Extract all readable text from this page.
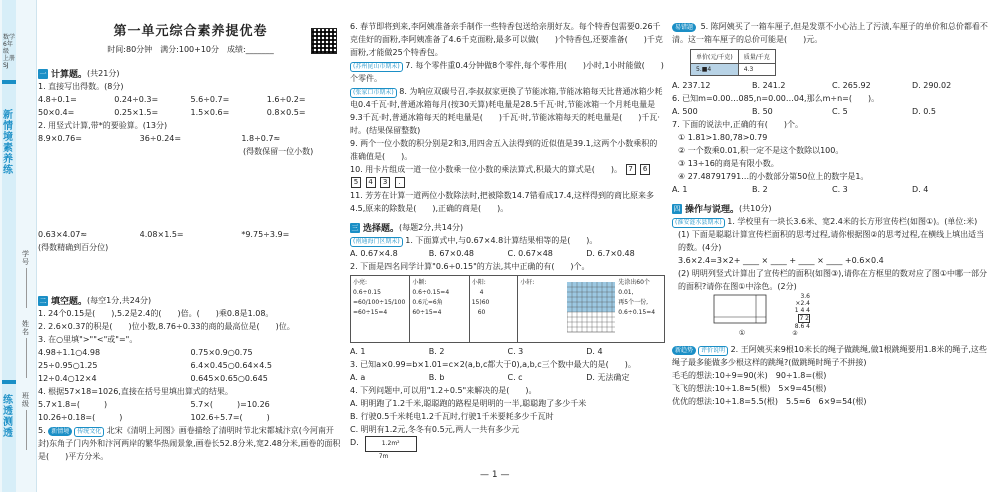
数学6年级 上册 SJ
新情境素养练
练透测透
学号
姓名
班级
第一单元综合素养提优卷
时间:80分钟　满分:100+10分　成绩:_______
一 计算题。 (共21分)
1. 直接写出得数。(8分)
4.8÷0.1=	0.24÷0.3=	5.6÷0.7=	1.6÷0.2=
50×0.4=	0.25×1.5=	1.5×0.6=	0.8×0.5=
2. 用竖式计算,带*的要验算。(13分)
8.9×0.76=	36÷0.24=	1.8÷0.7≈
(得数保留一位小数)
0.63×4.07≈	4.08×1.5=	*9.75÷3.9=
(得数精确到百分位)
二 填空题。 (每空1分,共24分)
1. 24个0.15是(　　),5.2是2.4的(　　)倍。(　　)乘0.8是1.08。
2. 2.6×0.37的积是(　　)位小数,8.76÷0.33的商的最高位是(　　)位。
3. 在○里填">""<"或"="。
4.98÷1.1○4.98	0.75×0.9○0.75
25÷0.95○1.25	6.4×0.45○0.64×4.5
12÷0.4○12×4	0.645×0.65○0.645
4. 根据57×18=1026,直接在括号里填出算式的结果。
5.7×1.8=(　　　)	5.7×(　　　)=10.26
10.26÷0.18=(　　　)	102.6÷5.7=(　　　)
5. 新情境 传统文化 北宋《清明上河图》画卷描绘了清明时节北宋都城汴京(今河南开封)东角子门内外和汴河两岸的繁华热闹景象,画卷长52.8分米,宽2.48分米,画卷的面积是(　　)平方分米。
6. 春节即将到来,李阿姨准备亲手制作一些特香包送给亲朋好友。每个特香包需要0.26千克佳好的面粉,李阿姨准备了4.6千克面粉,最多可以做(　　)个特香包,还要准备(　　)千克面粉,才能做25个特香包。
(苏州昆山市期末) 7. 每个零件重0.4分钟做8个零件,每个零件用(　　)小时,1小时能做(　　)个零件。
(张家口市期末) 8. 为响应双碳号召,李叔叔家更换了节能冰箱,节能冰箱每天比普通冰箱少耗电0.4千瓦·时,普通冰箱每月(按30天算)耗电量是28.5千瓦·时,节能冰箱一个月耗电量是9.3千瓦·时,普通冰箱每天的耗电量是(　　)千瓦·时,节能冰箱每天的耗电量是(　　)千瓦·时。(结果保留整数)
9. 两个一位小数的积分别是2和3,用四舍五入法得到的近似值是39.1,这两个小数乘积的准确值是(　　)。
10. 用卡片组成一道一位小数乘一位小数的乘法算式,积最大的算式是(　　)。 7 6 5 4 3 .
11. 芳芳在计算一道两位小数除法时,把被除数14.7错看成17.4,这样得到的商比原来多4.5,原来的除数是(　　),正确的商是(　　)。
三 选择题。 (每题2分,共14分)
(南通海门区期末) 1. 下面算式中,与0.67×4.8计算结果相等的是(　　)。
A. 0.67×4.8	B. 67×0.48	C. 0.67×48	D. 6.7×0.48
2. 下面是四名同学计算"0.6÷0.15"的方法,其中正确的有(　　)个。
小亮:
0.6÷0.15
=60/100÷15/100
=60÷15=4
小颖:
0.6÷0.15=4
0.6元=6角
60÷15=4
小阳:
　 4
15)60
　60
小轩:	先涂出60个0.01,
再5个一份,
0.6÷0.15=4
A. 1	B. 2	C. 3	D. 4
3. 已知a×0.99=b×1.01=c×2(a,b,c都大于0),a,b,c三个数中最大的是(　　)。
A. a	B. b	C. c	D. 无法确定
4. 下列问题中,可以用"1.2÷0.5"来解决的是(　　)。
A. 明明跑了1.2千米,聪聪跑的路程是明明的一半,聪聪跑了多少千米
B. 行驶0.5千米耗电1.2千瓦时,行驶1千米要耗多少千瓦时
C. 明明有1.2元,冬冬有0.5元,两人一共有多少元
D.	1.2m²
7m
— 1 —
易错题 5. 陈阿姨买了一箱车厘子,但是发票不小心沾上了污渍,车厘子的单价和总价都看不清。这一箱车厘子的总价可能是(　　)元。
单价(元/千克)	质量/千克
5.■4	4.3
A. 237.12	B. 241.2	C. 265.92	D. 290.02
6. 已知m=0.00…085,n=0.00…04,那么m÷n=(　　)。
A. 500	B. 50	C. 5	D. 0.5
7. 下面的说法中,正确的有(　　)个。
① 1.81>1.80,78>0.79
② 一个数乘0.01,积一定不是这个数除以100。
③ 13÷16的商是有限小数。
④ 27.48791791…的小数部分第50位上的数字是1。
A. 1	B. 2	C. 3	D. 4
四 操作与说理。 (共10分)
(淮安涟水县期末) 1. 学校里有一块长3.6米、宽2.4米的长方形宣传栏(如图①)。(单位:米)
(1) 下面是聪聪计算宣传栏面积的思考过程,请你根据图②的思考过程,在横线上填出适当的数。(4分)
3.6×2.4=3×2+ ____ × ____ + ____ × ____ +0.6×0.4
(2) 明明列竖式计算出了宣传栏的面积(如图③),请你在方框里的数对应了图①中哪一部分的面积?请你在图①中涂色。(2分)
①
3.6
×2.4
1 4 4
7 2
8.6 4
②
新趋势 评价说明 2. 王阿姨买来9根10米长的绳子做跳绳,做1根跳绳要用1.8米的绳子,这些绳子最多能做多少根这样的跳绳?(做跳绳时绳子不拼接)
毛毛的想法:10÷9=90(米)　90÷1.8=(根)
飞飞的想法:10÷1.8≈5(根)　5×9=45(根)
优优的想法:10÷1.8=5.5(根)　5.5≈6　6×9=54(根)
